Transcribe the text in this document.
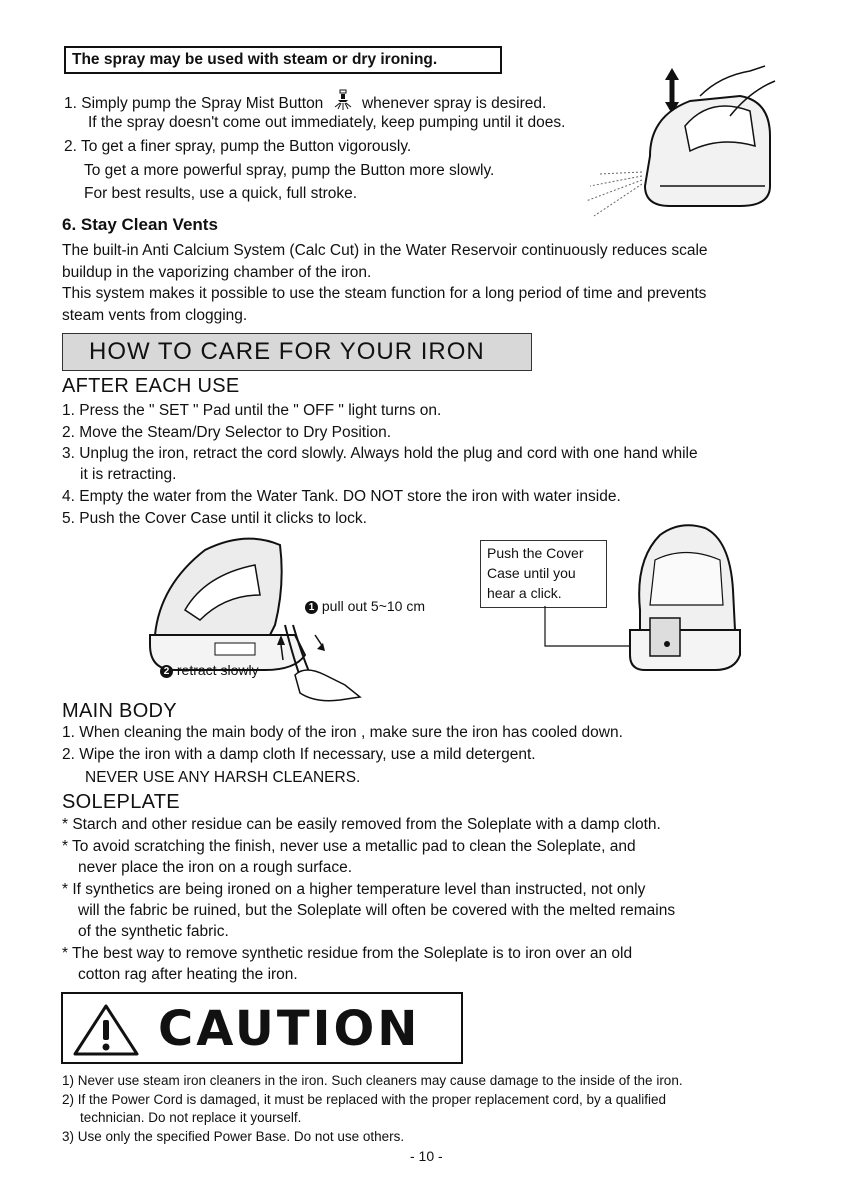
The spray may be used with steam or dry ironing.
1. Simply pump the Spray Mist Button whenever spray is desired.
If the spray doesn't come out immediately, keep pumping until it does.
2. To get a finer spray, pump the Button vigorously.
To get a more powerful spray, pump the Button more slowly.
For best results, use a quick, full stroke.
6. Stay Clean Vents
The built-in Anti Calcium System (Calc Cut) in the Water Reservoir continuously reduces scale
buildup in the vaporizing chamber of the iron.
This system makes it possible to use the steam function for a long period of time and prevents
steam vents from clogging.
HOW TO CARE FOR YOUR IRON
AFTER EACH USE
1. Press the " SET " Pad until the " OFF " light turns on.
2. Move the Steam/Dry Selector to Dry Position.
3. Unplug the iron, retract the cord slowly. Always hold the plug and cord with one hand while
it is retracting.
4. Empty the water from the Water Tank. DO NOT store the iron with water inside.
5. Push the Cover Case until it clicks to lock.
1 pull out 5~10 cm
2 retract slowly
Push the Cover
Case until you
hear a click.
MAIN BODY
1. When cleaning the main body of the iron , make sure the iron has cooled down.
2. Wipe the iron with a damp cloth If necessary, use a mild detergent.
NEVER USE ANY HARSH CLEANERS.
SOLEPLATE
* Starch and other residue can be easily removed from the Soleplate with a damp cloth.
* To avoid scratching the finish, never use a metallic pad to clean the Soleplate, and
never place the iron on a rough surface.
* If synthetics are being ironed on a higher temperature level than instructed, not only
will the fabric be ruined, but the Soleplate will often be covered with the melted remains
of the synthetic fabric.
* The best way to remove synthetic residue from the Soleplate is to iron over an old
cotton rag after heating the iron.
CAUTION
1) Never use steam iron cleaners in the iron. Such cleaners may cause damage to the inside of the iron.
2) If the Power Cord is damaged, it must be replaced with the proper replacement cord, by a qualified
technician. Do not replace it yourself.
3) Use only the specified Power Base. Do not use others.
- 10 -
